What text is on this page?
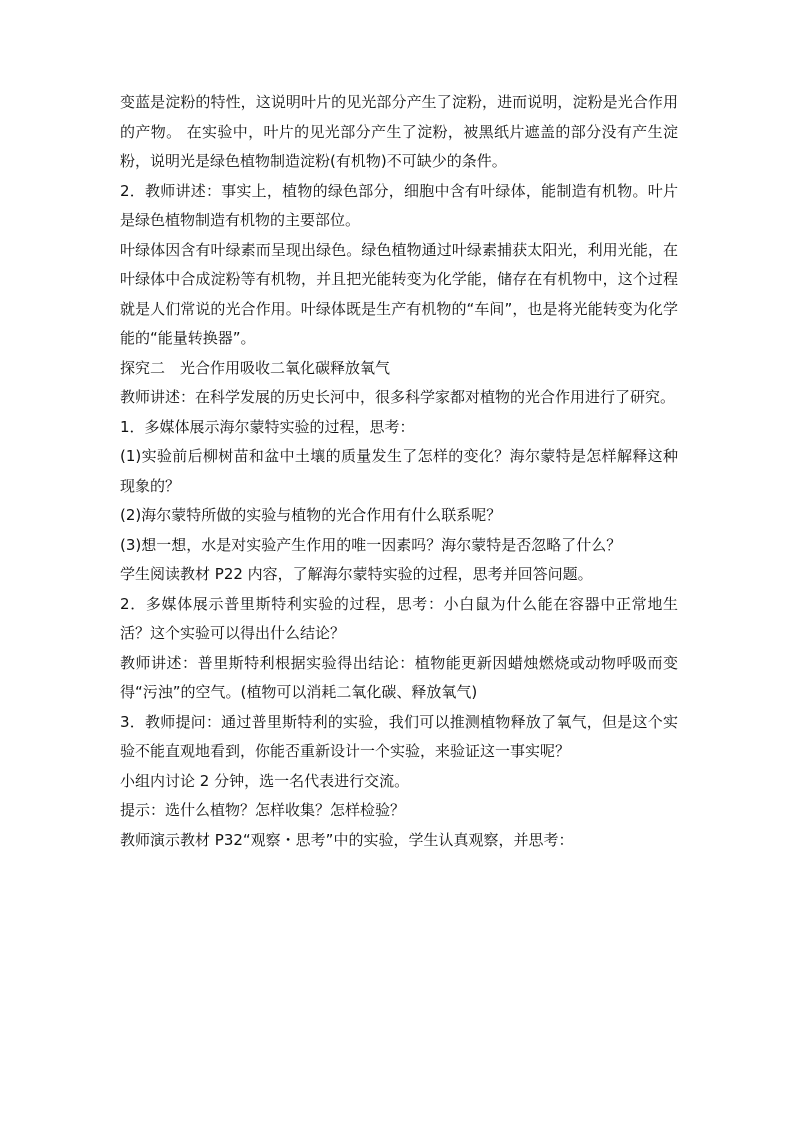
变蓝是淀粉的特性，这说明叶片的见光部分产生了淀粉，进而说明，淀粉是光合作用的产物。 在实验中，叶片的见光部分产生了淀粉，被黑纸片遮盖的部分没有产生淀粉，说明光是绿色植物制造淀粉(有机物)不可缺少的条件。

2．教师讲述：事实上，植物的绿色部分，细胞中含有叶绿体，能制造有机物。叶片是绿色植物制造有机物的主要部位。

叶绿体因含有叶绿素而呈现出绿色。绿色植物通过叶绿素捕获太阳光，利用光能，在叶绿体中合成淀粉等有机物，并且把光能转变为化学能，储存在有机物中，这个过程就是人们常说的光合作用。叶绿体既是生产有机物的“车间”，也是将光能转变为化学能的“能量转换器”。

探究二　光合作用吸收二氧化碳释放氧气

教师讲述：在科学发展的历史长河中，很多科学家都对植物的光合作用进行了研究。

1．多媒体展示海尔蒙特实验的过程，思考：

(1)实验前后柳树苗和盆中土壤的质量发生了怎样的变化？海尔蒙特是怎样解释这种现象的？

(2)海尔蒙特所做的实验与植物的光合作用有什么联系呢？

(3)想一想，水是对实验产生作用的唯一因素吗？海尔蒙特是否忽略了什么？

学生阅读教材 P22 内容，了解海尔蒙特实验的过程，思考并回答问题。

2．多媒体展示普里斯特利实验的过程，思考：小白鼠为什么能在容器中正常地生活？这个实验可以得出什么结论？

教师讲述：普里斯特利根据实验得出结论：植物能更新因蜡烛燃烧或动物呼吸而变得“污浊”的空气。(植物可以消耗二氧化碳、释放氧气)

3．教师提问：通过普里斯特利的实验，我们可以推测植物释放了氧气，但是这个实验不能直观地看到，你能否重新设计一个实验，来验证这一事实呢？

小组内讨论 2 分钟，选一名代表进行交流。

提示：选什么植物？怎样收集？怎样检验？

教师演示教材 P32“观察・思考”中的实验，学生认真观察，并思考：
